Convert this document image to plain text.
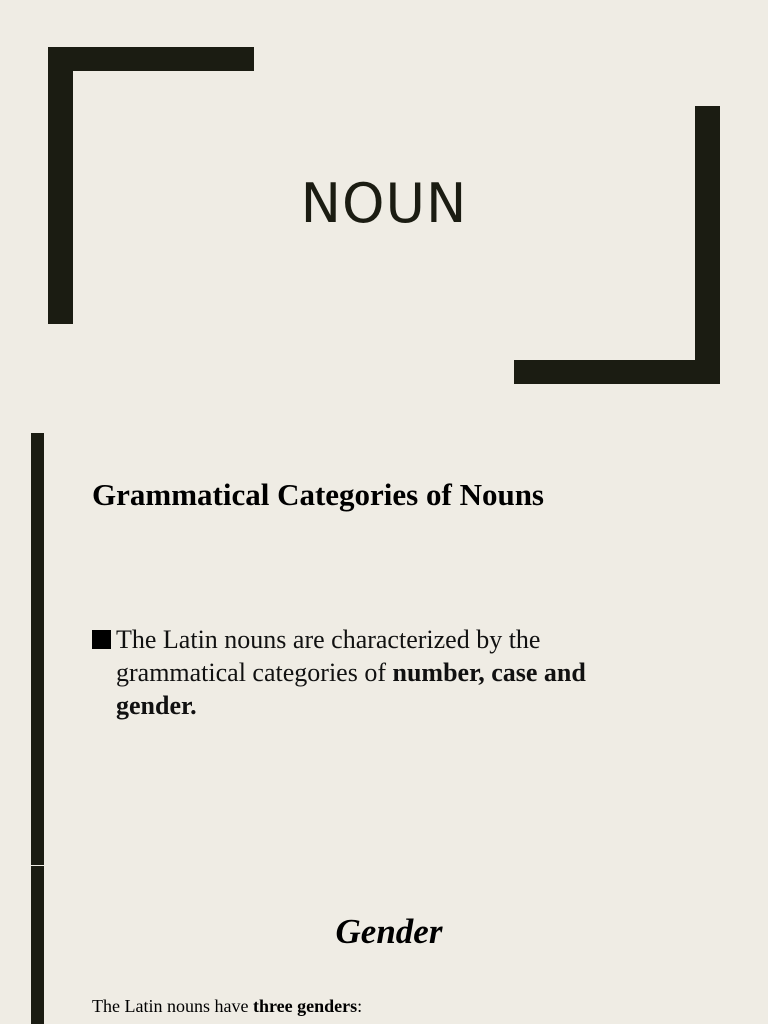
NOUN
Grammatical Categories of Nouns
The Latin nouns are characterized by the
grammatical categories of number, case and
gender.
Gender
The Latin nouns have three genders:
